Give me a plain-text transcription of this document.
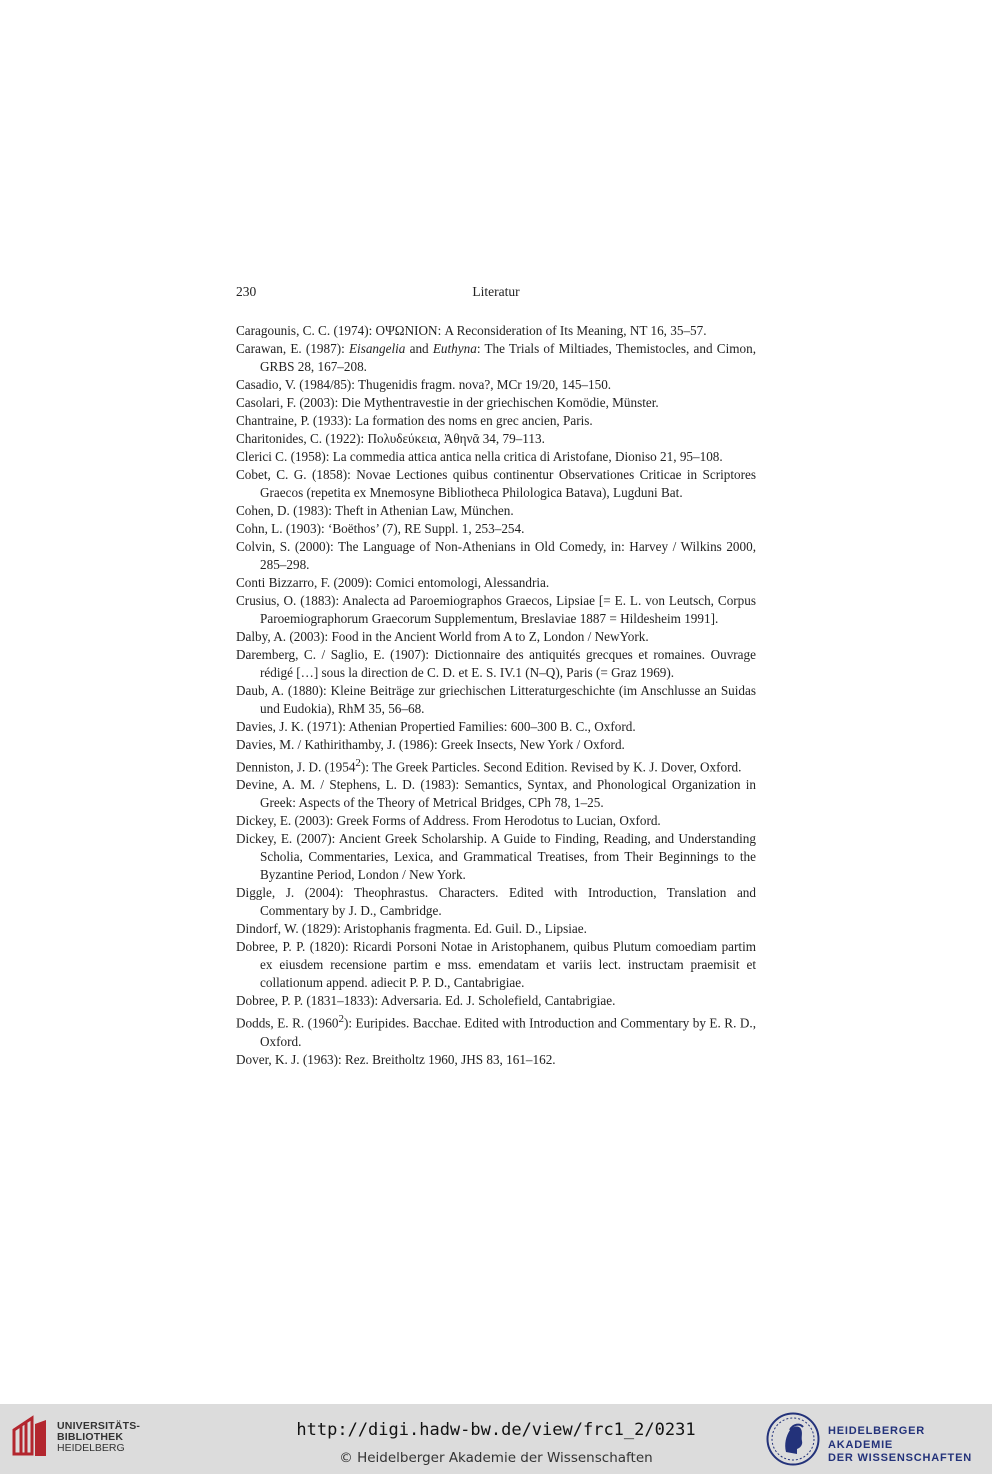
230	Literatur
Caragounis, C. C. (1974): ΟΨΩΝΙΟΝ: A Reconsideration of Its Meaning, NT 16, 35–57.
Carawan, E. (1987): Eisangelia and Euthyna: The Trials of Miltiades, Themistocles, and Cimon, GRBS 28, 167–208.
Casadio, V. (1984/85): Thugenidis fragm. nova?, MCr 19/20, 145–150.
Casolari, F. (2003): Die Mythentravestie in der griechischen Komödie, Münster.
Chantraine, P. (1933): La formation des noms en grec ancien, Paris.
Charitonides, C. (1922): Πολυδεύκεια, Ἀθηνᾶ 34, 79–113.
Clerici C. (1958): La commedia attica antica nella critica di Aristofane, Dioniso 21, 95–108.
Cobet, C. G. (1858): Novae Lectiones quibus continentur Observationes Criticae in Scriptores Graecos (repetita ex Mnemosyne Bibliotheca Philologica Batava), Lugduni Bat.
Cohen, D. (1983): Theft in Athenian Law, München.
Cohn, L. (1903): ‘Boëthos’ (7), RE Suppl. 1, 253–254.
Colvin, S. (2000): The Language of Non-Athenians in Old Comedy, in: Harvey / Wilkins 2000, 285–298.
Conti Bizzarro, F. (2009): Comici entomologi, Alessandria.
Crusius, O. (1883): Analecta ad Paroemiographos Graecos, Lipsiae [= E. L. von Leutsch, Corpus Paroemiographorum Graecorum Supplementum, Breslaviae 1887 = Hildesheim 1991].
Dalby, A. (2003): Food in the Ancient World from A to Z, London / NewYork.
Daremberg, C. / Saglio, E. (1907): Dictionnaire des antiquités grecques et romaines. Ouvrage rédigé […] sous la direction de C. D. et E. S. IV.1 (N–Q), Paris (= Graz 1969).
Daub, A. (1880): Kleine Beiträge zur griechischen Litteraturgeschichte (im Anschlusse an Suidas und Eudokia), RhM 35, 56–68.
Davies, J. K. (1971): Athenian Propertied Families: 600–300 B. C., Oxford.
Davies, M. / Kathirithamby, J. (1986): Greek Insects, New York / Oxford.
Denniston, J. D. (1954$^2$): The Greek Particles. Second Edition. Revised by K. J. Dover, Oxford.
Devine, A. M. / Stephens, L. D. (1983): Semantics, Syntax, and Phonological Organization in Greek: Aspects of the Theory of Metrical Bridges, CPh 78, 1–25.
Dickey, E. (2003): Greek Forms of Address. From Herodotus to Lucian, Oxford.
Dickey, E. (2007): Ancient Greek Scholarship. A Guide to Finding, Reading, and Understanding Scholia, Commentaries, Lexica, and Grammatical Treatises, from Their Beginnings to the Byzantine Period, London / New York.
Diggle, J. (2004): Theophrastus. Characters. Edited with Introduction, Translation and Commentary by J. D., Cambridge.
Dindorf, W. (1829): Aristophanis fragmenta. Ed. Guil. D., Lipsiae.
Dobree, P. P. (1820): Ricardi Porsoni Notae in Aristophanem, quibus Plutum comoediam partim ex eiusdem recensione partim e mss. emendatam et variis lect. instructam praemisit et collationum append. adiecit P. P. D., Cantabrigiae.
Dobree, P. P. (1831–1833): Adversaria. Ed. J. Scholefield, Cantabrigiae.
Dodds, E. R. (1960$^2$): Euripides. Bacchae. Edited with Introduction and Commentary by E. R. D., Oxford.
Dover, K. J. (1963): Rez. Breitholtz 1960, JHS 83, 161–162.
UNIVERSITÄTS-
BIBLIOTHEK
HEIDELBERG
http://digi.hadw-bw.de/view/frc1_2/0231
© Heidelberger Akademie der Wissenschaften
HEIDELBERGER AKADEMIE
DER WISSENSCHAFTEN
